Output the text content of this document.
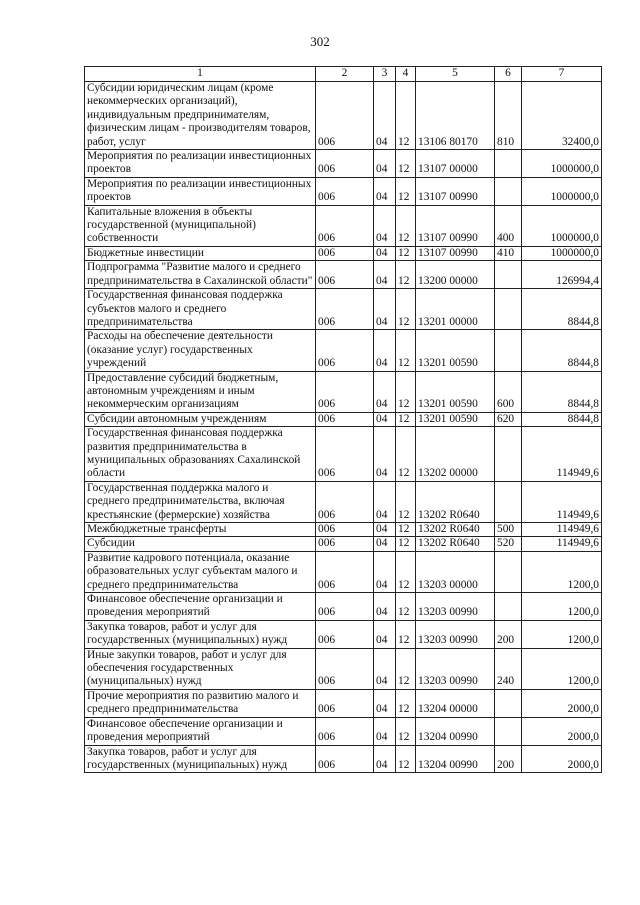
302
1	2	3	4	5	6	7
Субсидии юридическим лицам (кроме некоммерческих организаций), индивидуальным предпринимателям, физическим лицам - производителям товаров, работ, услуг	006	04	12	13106 80170	810	32400,0
Мероприятия по реализации инвестиционных проектов	006	04	12	13107 00000		1000000,0
Мероприятия по реализации инвестиционных проектов	006	04	12	13107 00990		1000000,0
Капитальные вложения в объекты государственной (муниципальной) собственности	006	04	12	13107 00990	400	1000000,0
Бюджетные инвестиции	006	04	12	13107 00990	410	1000000,0
Подпрограмма "Развитие малого и среднего предпринимательства в Сахалинской области"	006	04	12	13200 00000		126994,4
Государственная финансовая поддержка субъектов малого и среднего предпринимательства	006	04	12	13201 00000		8844,8
Расходы на обеспечение деятельности (оказание услуг) государственных учреждений	006	04	12	13201 00590		8844,8
Предоставление субсидий бюджетным, автономным учреждениям и иным некоммерческим организациям	006	04	12	13201 00590	600	8844,8
Субсидии автономным учреждениям	006	04	12	13201 00590	620	8844,8
Государственная финансовая поддержка развития предпринимательства в муниципальных образованиях Сахалинской области	006	04	12	13202 00000		114949,6
Государственная поддержка малого и среднего предпринимательства, включая крестьянские (фермерские) хозяйства	006	04	12	13202 R0640		114949,6
Межбюджетные трансферты	006	04	12	13202 R0640	500	114949,6
Субсидии	006	04	12	13202 R0640	520	114949,6
Развитие кадрового потенциала, оказание образовательных услуг субъектам малого и среднего предпринимательства	006	04	12	13203 00000		1200,0
Финансовое обеспечение организации и проведения мероприятий	006	04	12	13203 00990		1200,0
Закупка товаров, работ и услуг для государственных (муниципальных) нужд	006	04	12	13203 00990	200	1200,0
Иные закупки товаров, работ и услуг для обеспечения государственных (муниципальных) нужд	006	04	12	13203 00990	240	1200,0
Прочие мероприятия по развитию малого и среднего предпринимательства	006	04	12	13204 00000		2000,0
Финансовое обеспечение организации и проведения мероприятий	006	04	12	13204 00990		2000,0
Закупка товаров, работ и услуг для государственных (муниципальных) нужд	006	04	12	13204 00990	200	2000,0
